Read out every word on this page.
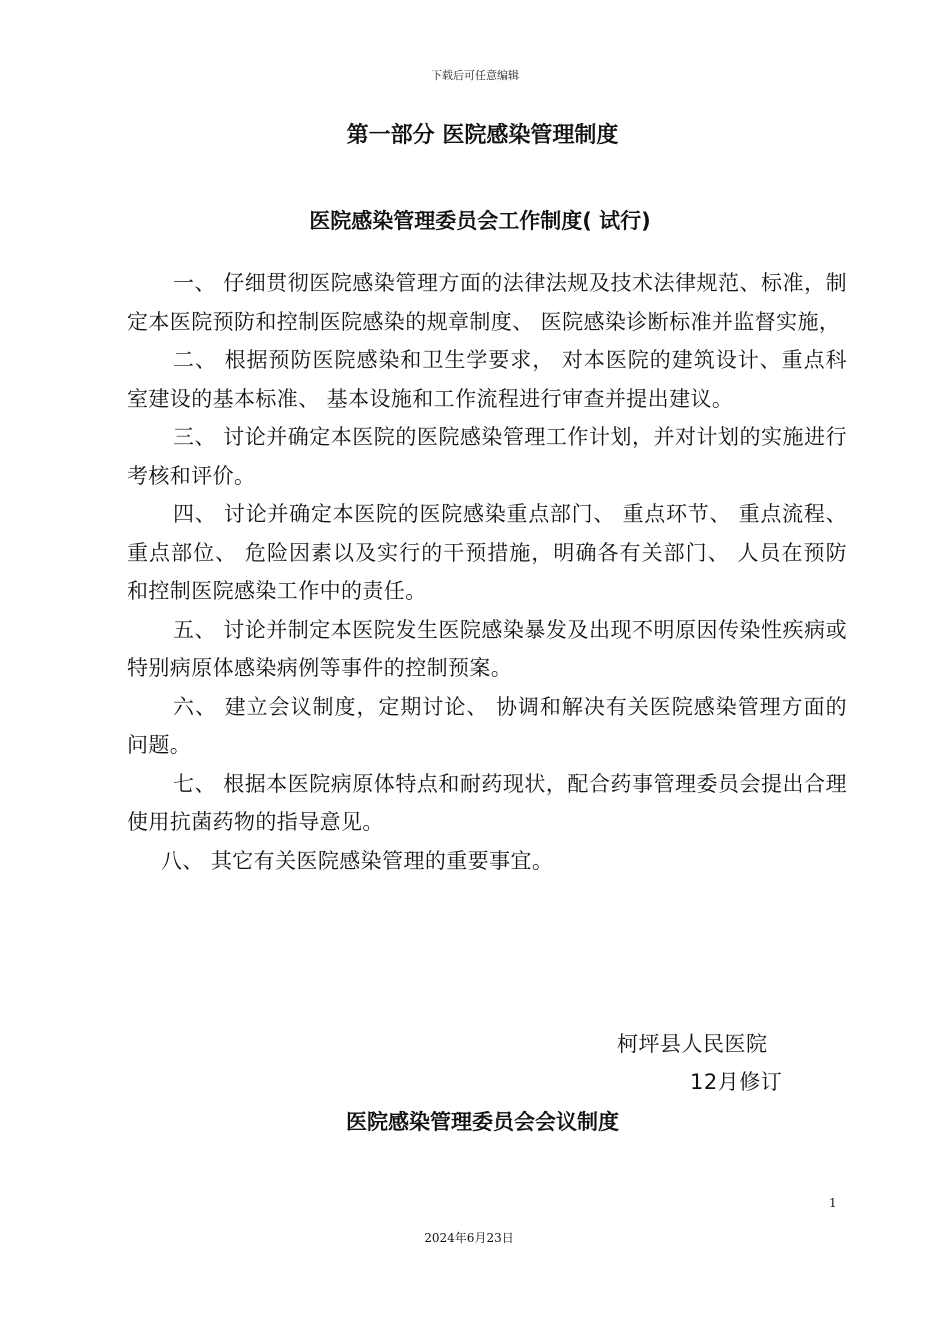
下载后可任意编辑
第一部分 医院感染管理制度
医院感染管理委员会工作制度( 试行)

一、 仔细贯彻医院感染管理方面的法律法规及技术法律规范、标准，制定本医院预防和控制医院感染的规章制度、 医院感染诊断标准并监督实施，

二、 根据预防医院感染和卫生学要求， 对本医院的建筑设计、重点科室建设的基本标准、 基本设施和工作流程进行审查并提出建议。

三、 讨论并确定本医院的医院感染管理工作计划，并对计划的实施进行考核和评价。

四、 讨论并确定本医院的医院感染重点部门、 重点环节、 重点流程、 重点部位、 危险因素以及实行的干预措施，明确各有关部门、 人员在预防和控制医院感染工作中的责任。

五、 讨论并制定本医院发生医院感染暴发及出现不明原因传染性疾病或特别病原体感染病例等事件的控制预案。

六、 建立会议制度，定期讨论、 协调和解决有关医院感染管理方面的问题。

七、 根据本医院病原体特点和耐药现状，配合药事管理委员会提出合理使用抗菌药物的指导意见。

八、 其它有关医院感染管理的重要事宜。

柯坪县人民医院
12月修订
医院感染管理委员会会议制度
1
2024年6月23日
